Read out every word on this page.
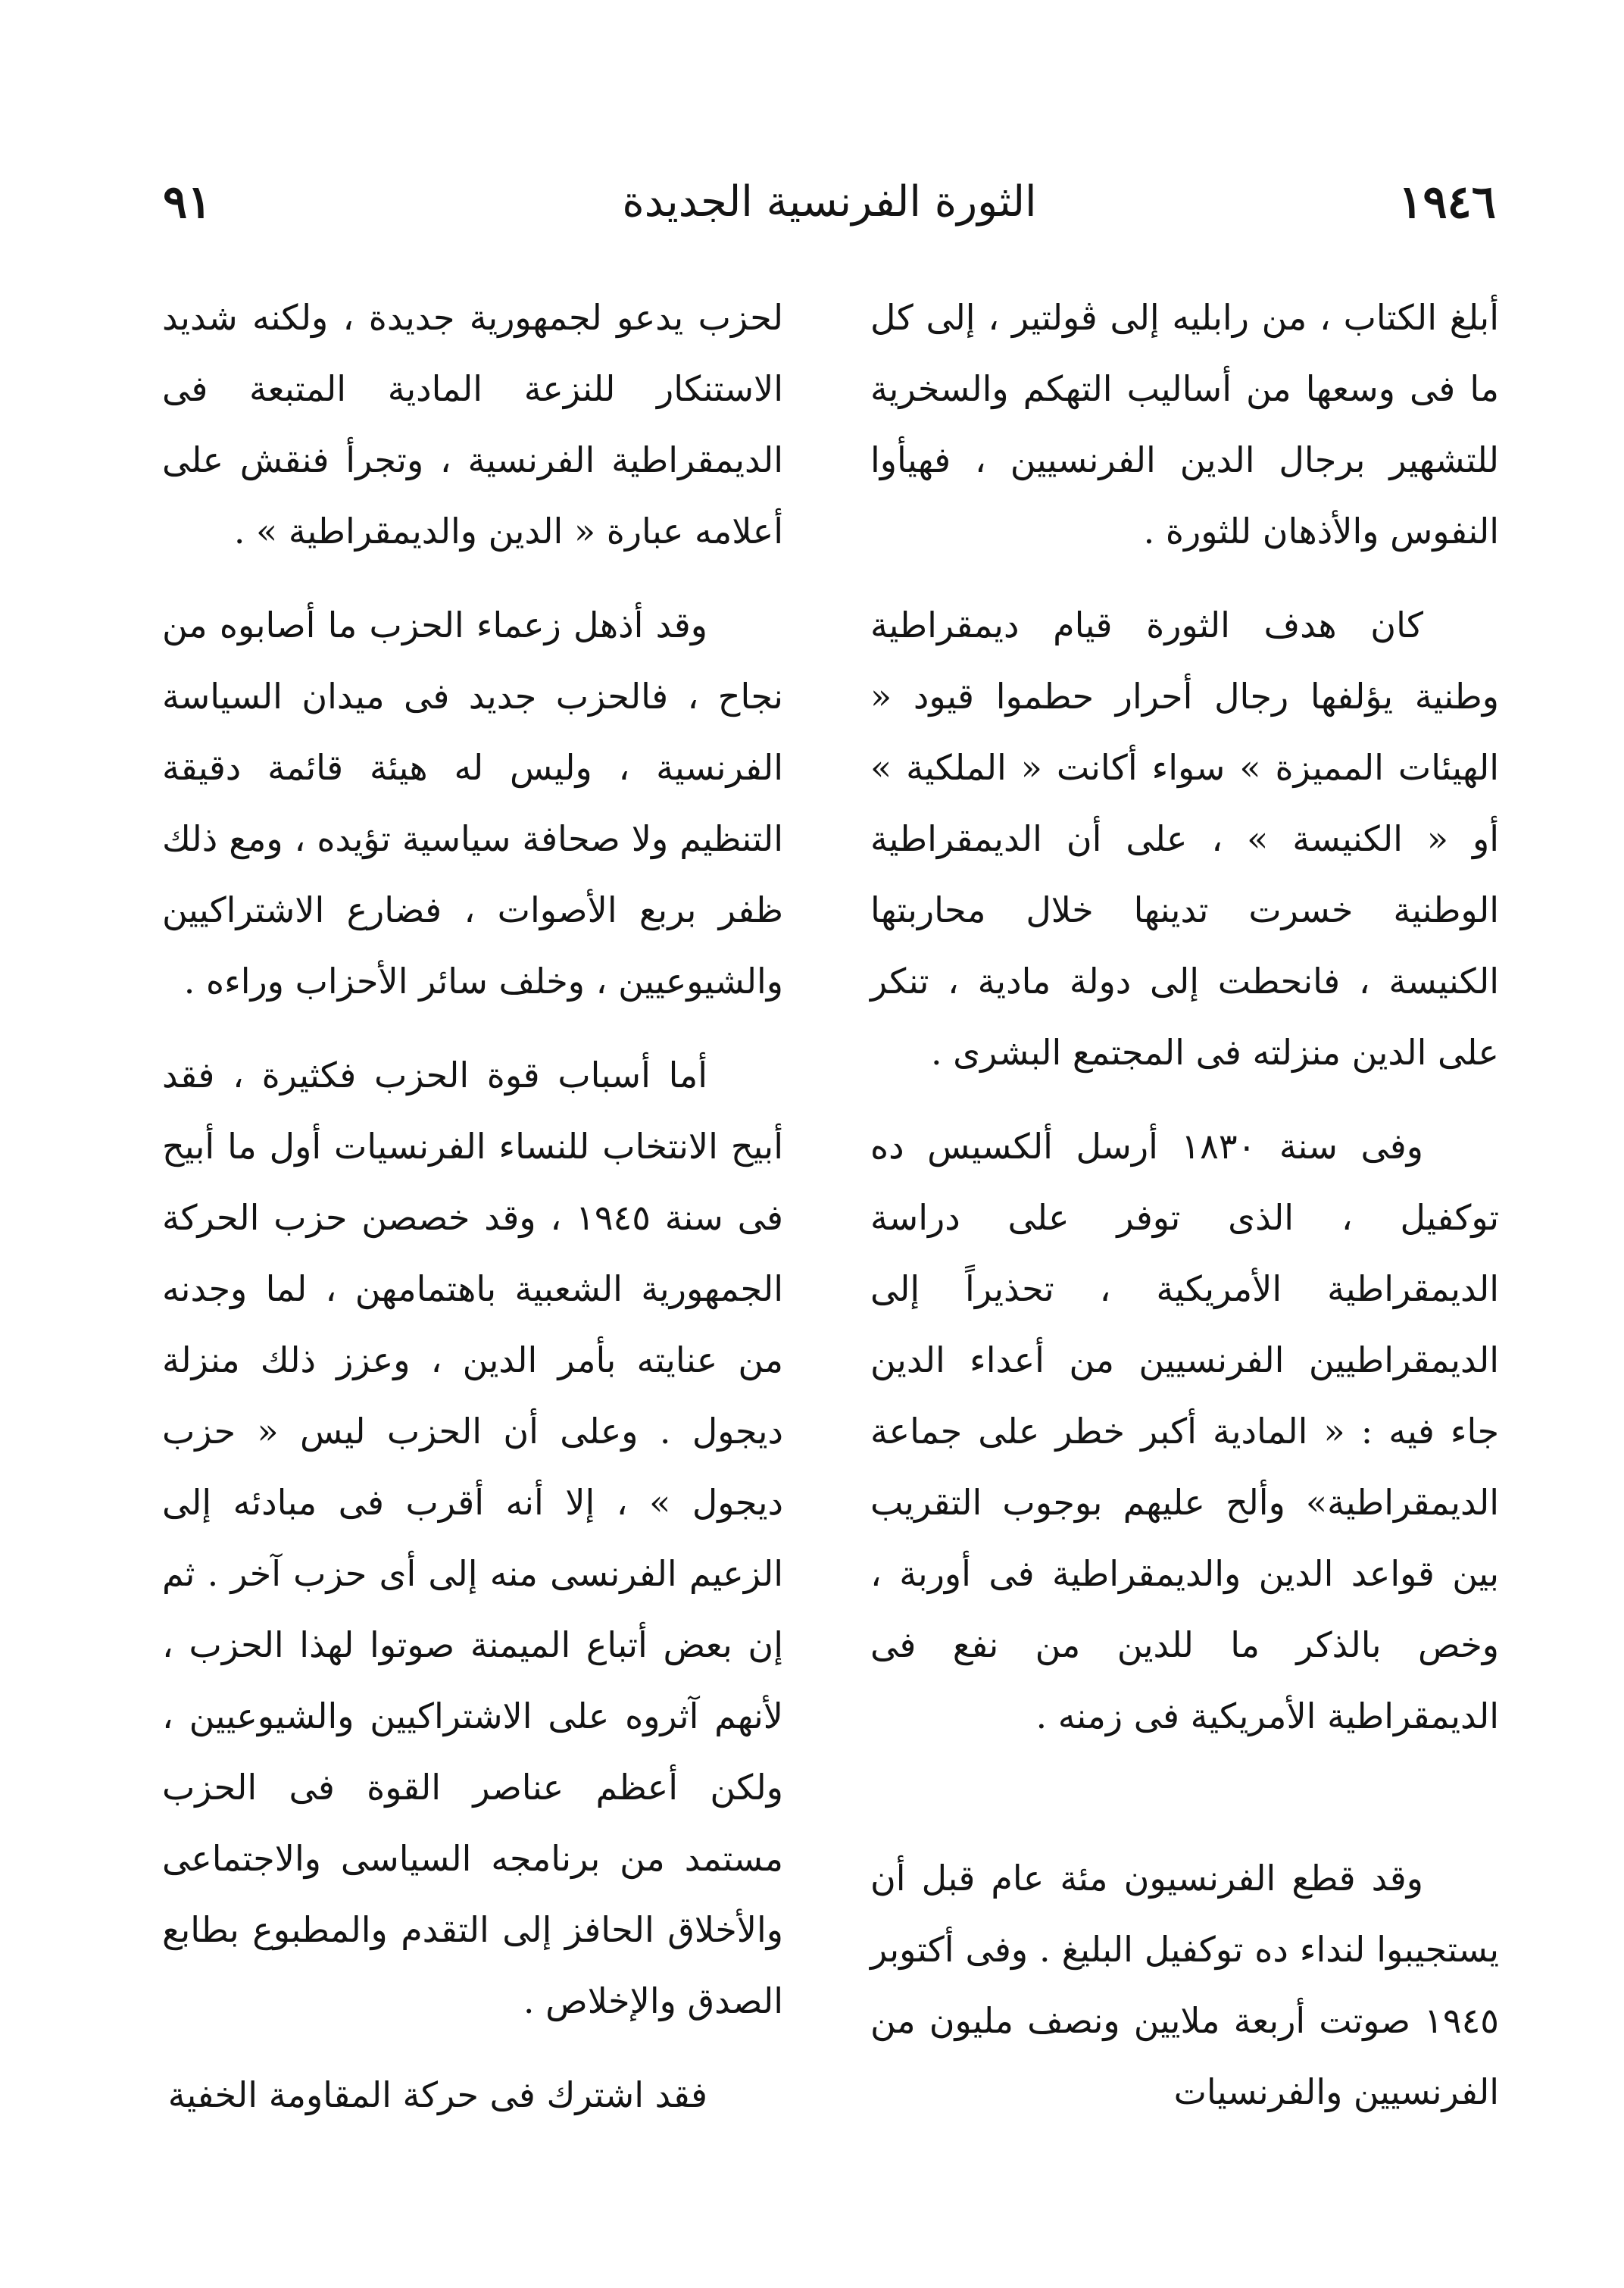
١٩٤٦
الثورة الفرنسية الجديدة
٩١

أبلغ الكتاب ، من رابليه إلى ڤولتير ، إلى كل ما فى وسعها من أساليب التهكم والسخرية للتشهير برجال الدين الفرنسيين ، فهيأوا النفوس والأذهان للثورة .

كان هدف الثورة قيام ديمقراطية وطنية يؤلفها رجال أحرار حطموا قيود « الهيئات المميزة » سواء أكانت « الملكية » أو « الكنيسة » ، على أن الديمقراطية الوطنية خسرت تدينها خلال محاربتها الكنيسة ، فانحطت إلى دولة مادية ، تنكر على الدين منزلته فى المجتمع البشرى .

وفى سنة ١٨٣٠ أرسل ألكسيس ده توكفيل ، الذى توفر على دراسة الديمقراطية الأمريكية ، تحذيراً إلى الديمقراطيين الفرنسيين من أعداء الدين جاء فيه : « المادية أكبر خطر على جماعة الديمقراطية» وألح عليهم بوجوب التقريب بين قواعد الدين والديمقراطية فى أوربة ، وخص بالذكر ما للدين من نفع فى الديمقراطية الأمريكية فى زمنه .

وقد قطع الفرنسيون مئة عام قبل أن يستجيبوا لنداء ده توكفيل البليغ . وفى أكتوبر ١٩٤٥ صوتت أربعة ملايين ونصف مليون من الفرنسيين والفرنسيات

لحزب يدعو لجمهورية جديدة ، ولكنه شديد الاستنكار للنزعة المادية المتبعة فى الديمقراطية الفرنسية ، وتجرأ فنقش على أعلامه عبارة « الدين والديمقراطية » .

وقد أذهل زعماء الحزب ما أصابوه من نجاح ، فالحزب جديد فى ميدان السياسة الفرنسية ، وليس له هيئة قائمة دقيقة التنظيم ولا صحافة سياسية تؤيده ، ومع ذلك ظفر بربع الأصوات ، فضارع الاشتراكيين والشيوعيين ، وخلف سائر الأحزاب وراءه .

أما أسباب قوة الحزب فكثيرة ، فقد أبيح الانتخاب للنساء الفرنسيات أول ما أبيح فى سنة ١٩٤٥ ، وقد خصصن حزب الحركة الجمهورية الشعبية باهتمامهن ، لما وجدنه من عنايته بأمر الدين ، وعزز ذلك منزلة ديجول . وعلى أن الحزب ليس « حزب ديجول » ، إلا أنه أقرب فى مبادئه إلى الزعيم الفرنسى منه إلى أى حزب آخر . ثم إن بعض أتباع الميمنة صوتوا لهذا الحزب ، لأنهم آثروه على الاشتراكيين والشيوعيين ، ولكن أعظم عناصر القوة فى الحزب مستمد من برنامجه السياسى والاجتماعى والأخلاق الحافز إلى التقدم والمطبوع بطابع الصدق والإخلاص .

فقد اشترك فى حركة المقاومة الخفية
